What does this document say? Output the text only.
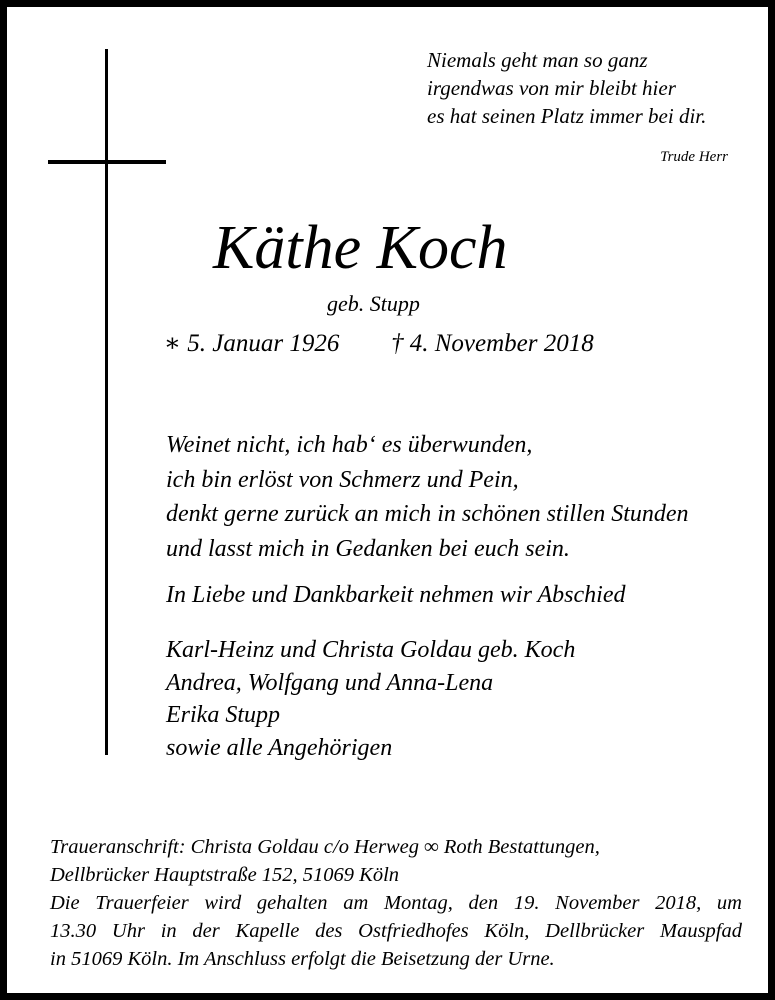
Niemals geht man so ganz
irgendwas von mir bleibt hier
es hat seinen Platz immer bei dir.
Trude Herr
Käthe Koch
geb. Stupp
∗ 5. Januar 1926 † 4. November 2018
Weinet nicht, ich hab‘ es überwunden,
ich bin erlöst von Schmerz und Pein,
denkt gerne zurück an mich in schönen stillen Stunden
und lasst mich in Gedanken bei euch sein.
In Liebe und Dankbarkeit nehmen wir Abschied
Karl-Heinz und Christa Goldau geb. Koch
Andrea, Wolfgang und Anna-Lena
Erika Stupp
sowie alle Angehörigen
Traueranschrift: Christa Goldau c/o Herweg ∞ Roth Bestattungen,
Dellbrücker Hauptstraße 152, 51069 Köln
Die Trauerfeier wird gehalten am Montag, den 19. November 2018, um
13.30 Uhr in der Kapelle des Ostfriedhofes Köln, Dellbrücker Mauspfad
in 51069 Köln. Im Anschluss erfolgt die Beisetzung der Urne.
